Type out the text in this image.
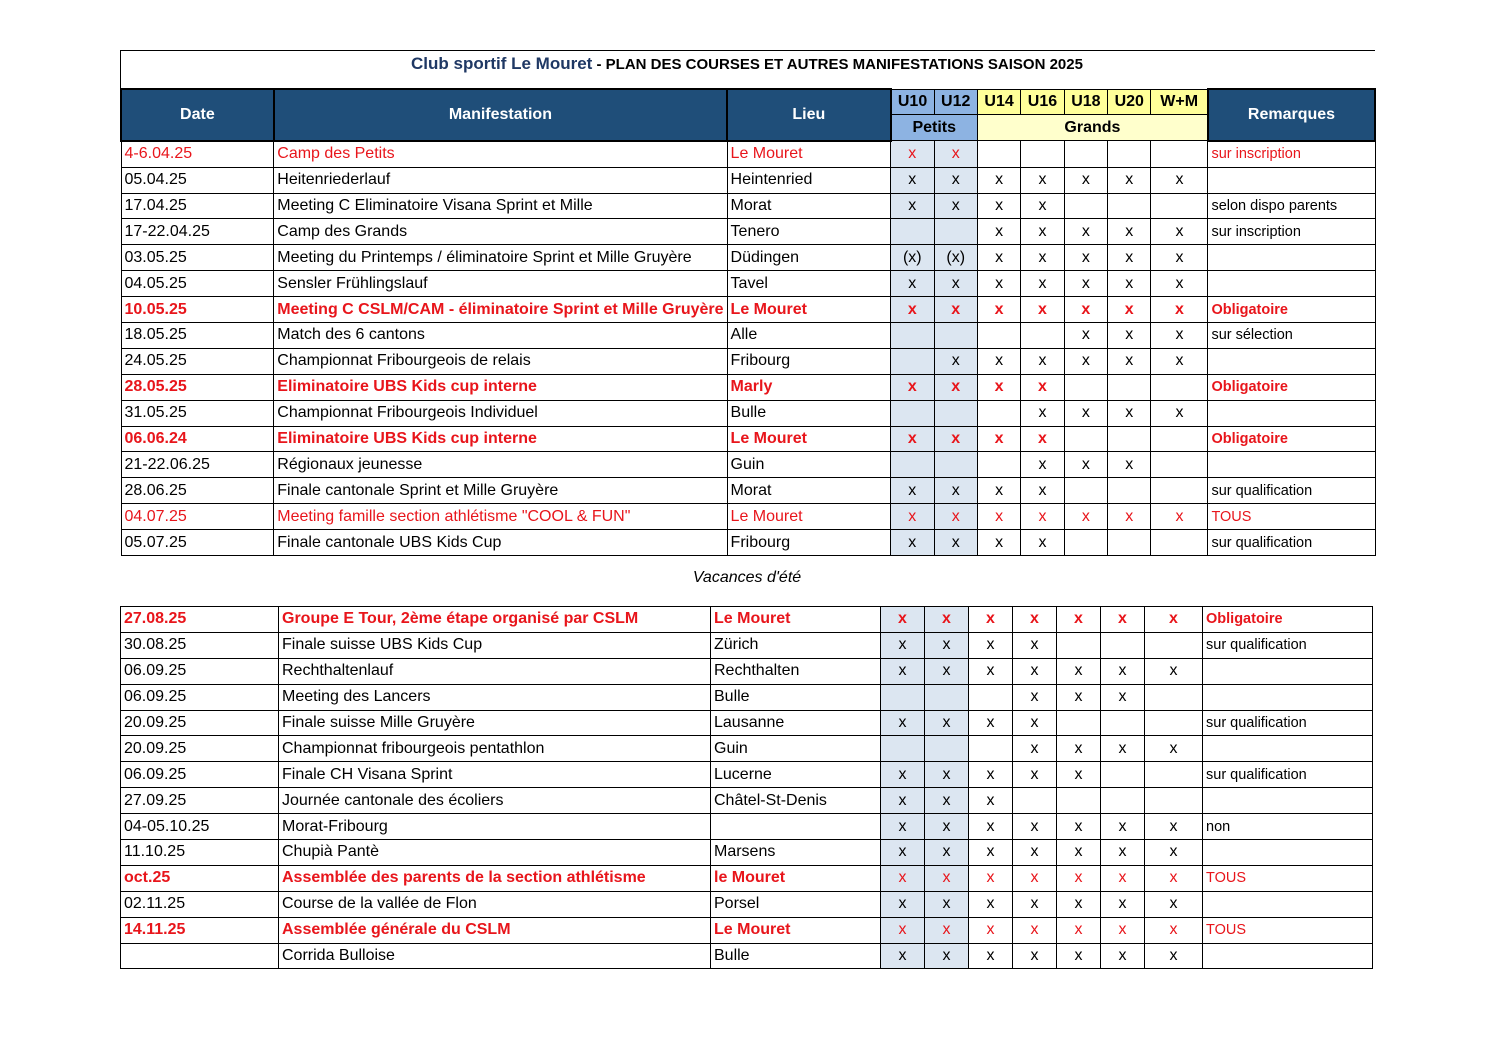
Club sportif Le Mouret - PLAN DES COURSES ET AUTRES MANIFESTATIONS SAISON 2025
Date	Manifestation	Lieu	U10	U12	U14	U16	U18	U20	W+M	Remarques
			Petits		Grands					
4-6.04.25	Camp des Petits	Le Mouret	x	x						sur inscription
05.04.25	Heitenriederlauf	Heintenried	x	x	x	x	x	x	x	
17.04.25	Meeting C Eliminatoire Visana Sprint et Mille	Morat	x	x	x	x				selon dispo parents
17-22.04.25	Camp des Grands	Tenero			x	x	x	x	x	sur inscription
03.05.25	Meeting du Printemps / éliminatoire Sprint et Mille Gruyère	Düdingen	(x)	(x)	x	x	x	x	x	
04.05.25	Sensler Frühlingslauf	Tavel	x	x	x	x	x	x	x	
10.05.25	Meeting C CSLM/CAM - éliminatoire Sprint et Mille Gruyère	Le Mouret	x	x	x	x	x	x	x	Obligatoire
18.05.25	Match des 6 cantons	Alle					x	x	x	sur sélection
24.05.25	Championnat Fribourgeois de relais	Fribourg		x	x	x	x	x	x	
28.05.25	Eliminatoire UBS Kids cup interne	Marly	x	x	x	x				Obligatoire
31.05.25	Championnat Fribourgeois Individuel	Bulle				x	x	x	x	
06.06.24	Eliminatoire UBS Kids cup interne	Le Mouret	x	x	x	x				Obligatoire
21-22.06.25	Régionaux jeunesse	Guin				x	x	x		
28.06.25	Finale cantonale Sprint et Mille Gruyère	Morat	x	x	x	x				sur qualification
04.07.25	Meeting famille section athlétisme "COOL & FUN"	Le Mouret	x	x	x	x	x	x	x	TOUS
05.07.25	Finale cantonale UBS Kids Cup	Fribourg	x	x	x	x				sur qualification
Vacances d'été
27.08.25	Groupe E Tour, 2ème étape organisé par CSLM	Le Mouret	x	x	x	x	x	x	x	Obligatoire
30.08.25	Finale suisse UBS Kids Cup	Zürich	x	x	x	x				sur qualification
06.09.25	Rechthaltenlauf	Rechthalten	x	x	x	x	x	x	x	
06.09.25	Meeting des Lancers	Bulle				x	x	x		
20.09.25	Finale suisse Mille Gruyère	Lausanne	x	x	x	x				sur qualification
20.09.25	Championnat fribourgeois pentathlon	Guin				x	x	x	x	
06.09.25	Finale CH Visana Sprint	Lucerne	x	x	x	x	x			sur qualification
27.09.25	Journée cantonale des écoliers	Châtel-St-Denis	x	x	x					
04-05.10.25	Morat-Fribourg		x	x	x	x	x	x	x	non
11.10.25	Chupià Pantè	Marsens	x	x	x	x	x	x	x	
oct.25	Assemblée des parents de la section athlétisme	le Mouret	x	x	x	x	x	x	x	TOUS
02.11.25	Course de la vallée de Flon	Porsel	x	x	x	x	x	x	x	
14.11.25	Assemblée générale du CSLM	Le Mouret	x	x	x	x	x	x	x	TOUS
	Corrida Bulloise	Bulle	x	x	x	x	x	x	x	
